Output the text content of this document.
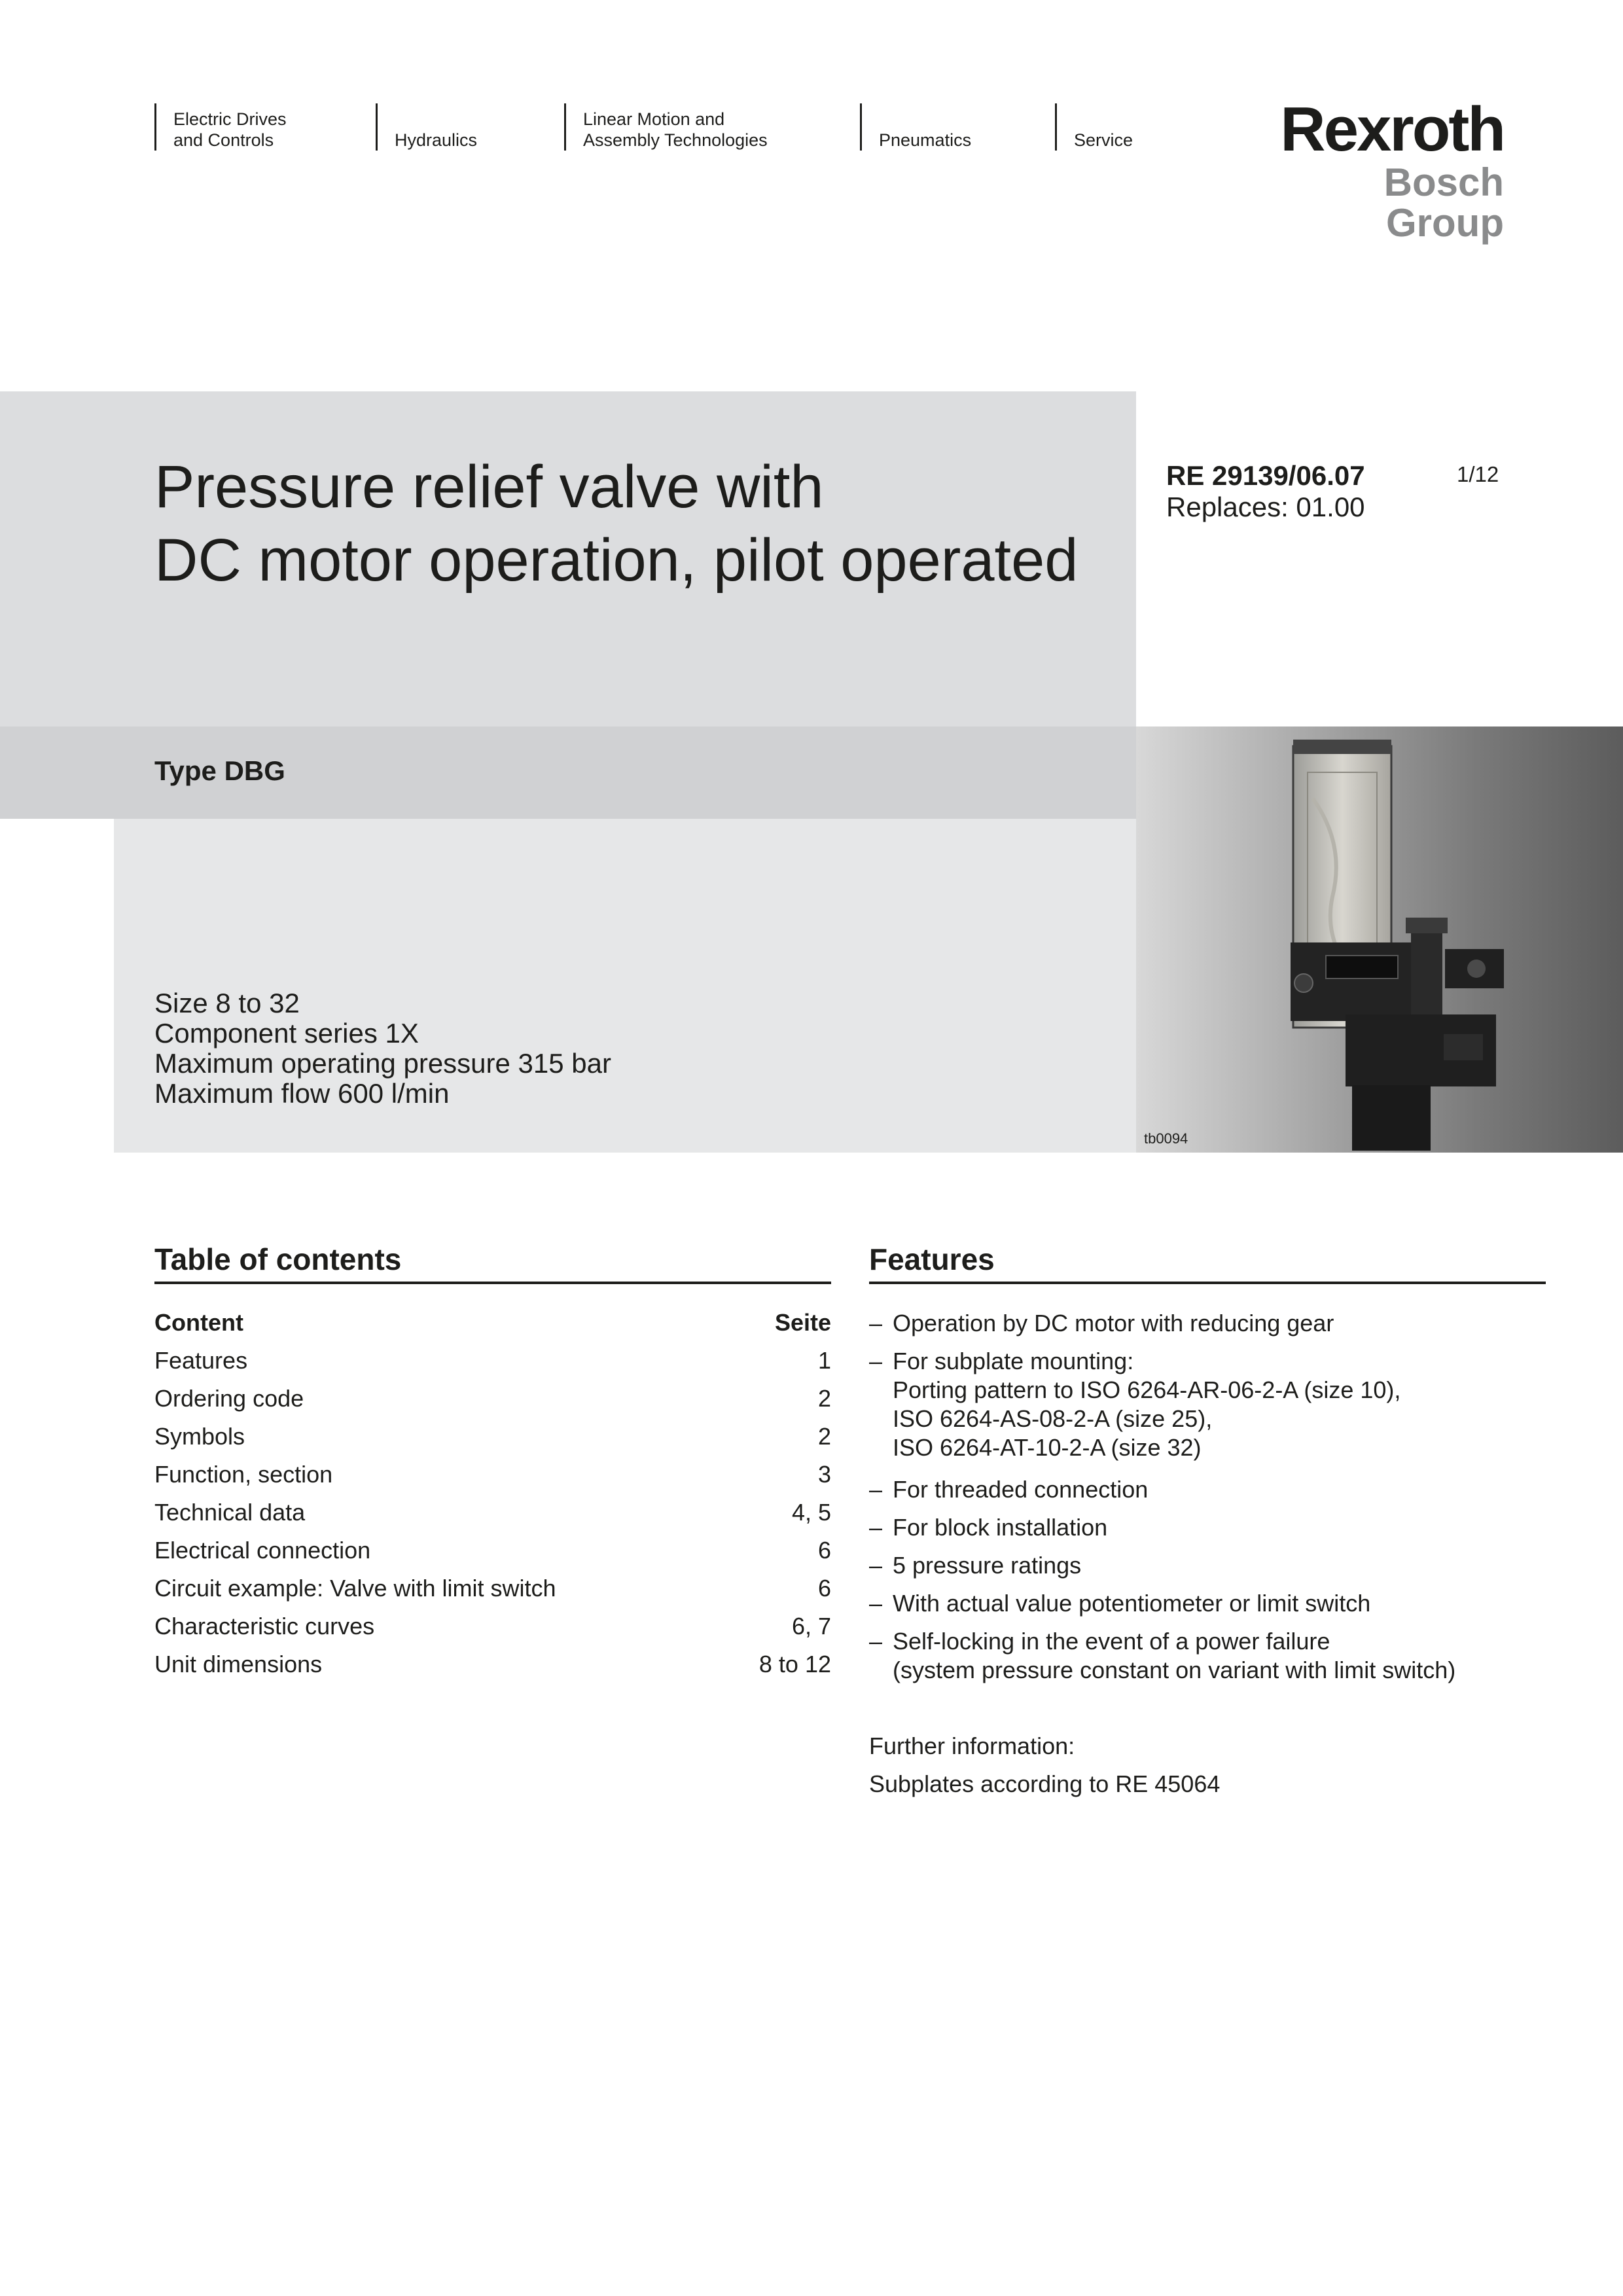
Electric Drives
and Controls	Hydraulics
Linear Motion and
Assembly Technologies	Pneumatics	Service Rexroth
Bosch Group
Pressure relief valve with
DC motor operation, pilot operated
RE 29139/06.07
Replaces: 01.00
1/12
Type DBG
Size 8 to 32
Component series 1X
Maximum operating pressure 315 bar
Maximum flow 600 l/min
tb0094
Table of contents
Content	Seite
Features	1
Ordering code	2
Symbols	2
Function, section	3
Technical data	4, 5
Electrical connection	6
Circuit example: Valve with limit switch	6
Characteristic curves	6, 7
Unit dimensions	8 to 12
Features
– Operation by DC motor with reducing gear
– For subplate mounting:
Porting pattern to ISO 6264-AR-06-2-A (size 10),
ISO 6264-AS-08-2-A (size 25),
ISO 6264-AT-10-2-A (size 32)
– For threaded connection
– For block installation
– 5 pressure ratings
– With actual value potentiometer or limit switch
– Self-locking in the event of a power failure
(system pressure constant on variant with limit switch)
Further information:
Subplates according to RE 45064
